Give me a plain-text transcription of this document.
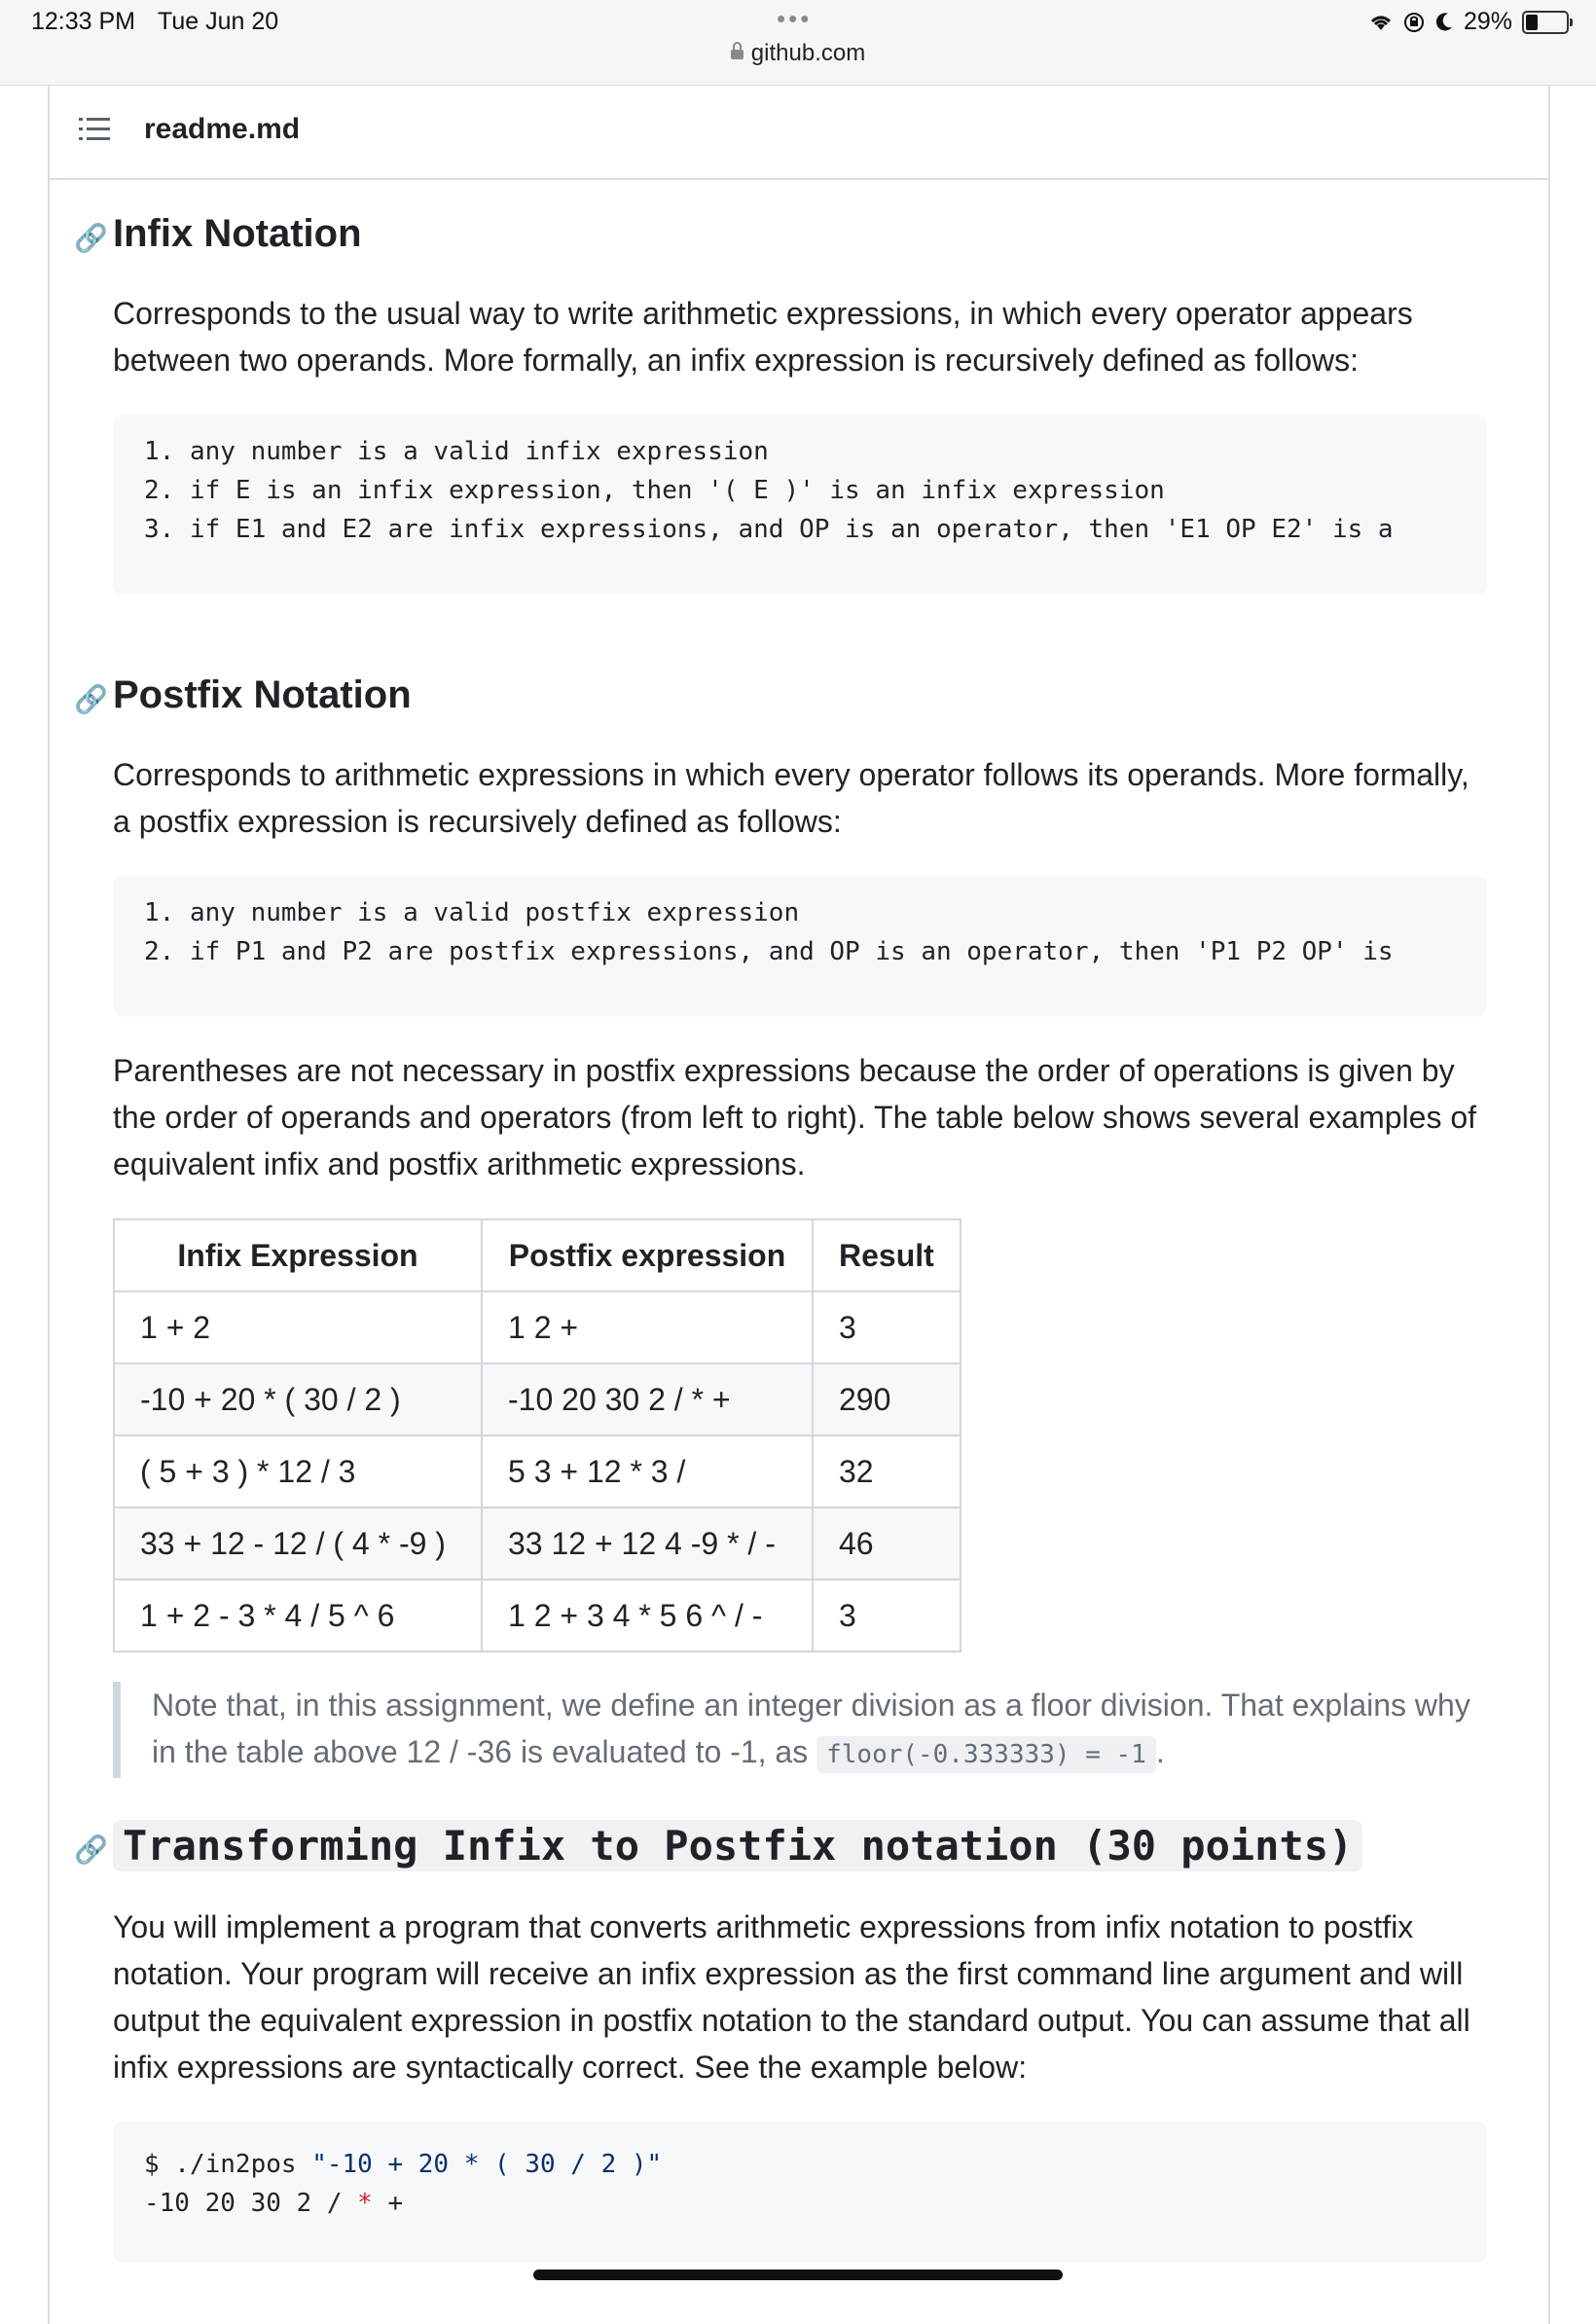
12:33 PM Tue Jun 20	•••
github.com
29%
readme.md
🔗 Infix Notation

Corresponds to the usual way to write arithmetic expressions, in which every operator appears between two operands. More formally, an infix expression is recursively defined as follows:

1. any number is a valid infix expression
2. if E is an infix expression, then '( E )' is an infix expression
3. if E1 and E2 are infix expressions, and OP is an operator, then 'E1 OP E2' is a
🔗 Postfix Notation

Corresponds to arithmetic expressions in which every operator follows its operands. More formally, a postfix expression is recursively defined as follows:

1. any number is a valid postfix expression
2. if P1 and P2 are postfix expressions, and OP is an operator, then 'P1 P2 OP' is

Parentheses are not necessary in postfix expressions because the order of operations is given by the order of operands and operators (from left to right). The table below shows several examples of equivalent infix and postfix arithmetic expressions.

Infix Expression	Postfix expression	Result
1 + 2	1 2 +	3
-10 + 20 * ( 30 / 2 )	-10 20 30 2 / * +	290
( 5 + 3 ) * 12 / 3	5 3 + 12 * 3 /	32
33 + 12 - 12 / ( 4 * -9 )	33 12 + 12 4 -9 * / -	46
1 + 2 - 3 * 4 / 5 ^ 6	1 2 + 3 4 * 5 6 ^ / -	3
Note that, in this assignment, we define an integer division as a floor division. That explains why in the table above 12 / -36 is evaluated to -1, as floor(-0.333333) = -1 .
🔗 Transforming Infix to Postfix notation (30 points)

You will implement a program that converts arithmetic expressions from infix notation to postfix notation. Your program will receive an infix expression as the first command line argument and will output the equivalent expression in postfix notation to the standard output. You can assume that all infix expressions are syntactically correct. See the example below:

$ ./in2pos "-10 + 20 * ( 30 / 2 )"
-10 20 30 2 / * +
